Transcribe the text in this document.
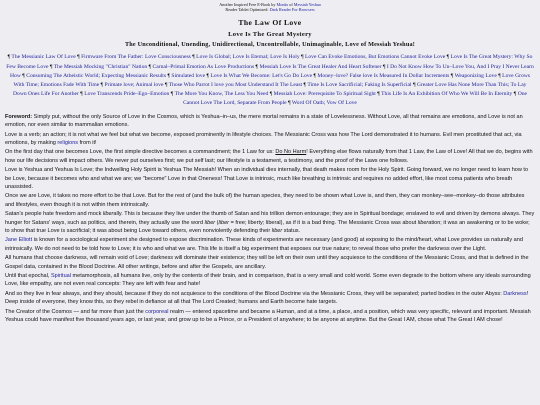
Another Inspired Free E-Book by Monks of Messiah Yeshua
Reader Tablet Optimized: Dark Reader For Browsers
The Law Of Love
Love Is The Great Mystery
The Unconditional, Unending, Unidirectional, Uncontrollable, Unimaginable, Love of Messiah Yeshua!
¶ The Messianic Law Of Love ¶ Firmware From The Father: Love Consciousness ¶ Love Is Global; Love Is Eternal; Love Is Holy ¶ Love Can Evoke Emotions, But Emotions Cannot Evoke Love ¶ Love Is The Great Mystery: Why So Few Become Love ¶ The Messiah Mocking "Christian" Nation ¶ Carnal–Primal Emotion As Love Productions ¶ Messiah Love Is The Great Healer And Heart Softener ¶ I Do Not Know How To Un–Love You, And I Pray I Never Learn How ¶ Consuming The Atheistic World; Expecting Messianic Results ¶ Simulated love ¶ Love Is What We Become: Let's Go Do Love ¶ Money–love? False love Is Measured In Dollar Increments ¶ Weaponizing Love ¶ Love Grows With Time; Emotions Fade With Time ¶ Primate love; Animal love ¶ Those Who Parrot I love you Most Understand It The Least ¶ Time Is Love Sacrificial; Faking Is Superficial ¶ Greater Love Has None More Than This; To Lay Down Ones Life For Another ¶ Love Transcends Pride–Ego–Emotion ¶ The More You Know, The Less You Need ¶ Messiah Love: Prerequisite To Spiritual Sight ¶ This Life Is An Exhibition Of Who We Will Be In Eternity ¶ One Cannot Love The Lord, Separate From People ¶ Word Of Oath; Vow Of Love

Foreword: Simply put, without the only Source of Love in the Cosmos, which is Yeshua–in–us, the mere mortal remains in a state of Lovelessness. Without Love, all that remains are emotions, and Love is not an emotion, nor even similar to mammalian emotions.

Love is a verb; an action; it is not what we feel but what we become, exposed prominently in lifestyle choices. The Messianic Cross was how The Lord demonstrated it to humans. Evil men prostituted that act, via emotions, by making religions from it!

On the first day that one becomes Love, the first simple directive becomes a commandment; the 1 Law for us: Do No Harm! Everything else flows naturally from that 1 Law, the Law of Love! All that we do, begins with how our life decisions will impact others. We never put ourselves first; we put self last; our lifestyle is a testament, a testimony, and the proof of the Laws one follows.

Love is Yeshua and Yeshua Is Love; the Indwelling Holy Spirit is Yeshua The Messiah! When an individual dies internally, that death makes room for the Holy Spirit. Going forward, we no longer need to learn how to be Love, because it becomes who and what we are; we "become" Love in that Oneness! That Love is intrinsic, much like breathing is intrinsic and requires no added effort, like most coma patients who breath unassisted.

Once we are Love, it takes no more effort to be that Love. But for the rest of (and the bulk of) the human species, they need to be shown what Love is, and then, they can monkey–see–monkey–do those attributes and lifestyles, even though it is not within them intrinsically.

Satan's people hate freedom and mock liberally. This is because they live under the thumb of Satan and his trillion demon entourage; they are in Spiritual bondage; enslaved to evil and driven by demons always. They hunger for Satans' ways, such as politics, and therein, they actually use the word liber (liber = free; liberty; liberal), as if it is a bad thing. The Messianic Cross was about liberation; it was an awakening or to be woke; to show that true Love is sacrificial; it was about being Love toward others, even nonviolently defending their liber status.

Jane Elliott is known for a sociological experiment she designed to expose discrimination. These kinds of experiments are necessary (and good) at exposing to the mind/heart, what Love provides us naturally and intrinsically. We do not need to be told how to Love; it is who and what we are. This life is itself a big experiment that exposes our true nature; to reveal those who prefer the darkness over the Light.

All humans that choose darkness, will remain void of Love; darkness will dominate their existence; they will be left on their own until they acquiesce to the conditions of the Messianic Cross, and that is defined in the Gospel data, contained in the Blood Doctrine. All other writings, before and after the Gospels, are ancillary.

Until that epochal, Spiritual metamorphosis, all humans live, only by the contents of their brain, and in comparison, that is a very small and cold world. Some even degrade to the bottom where any ideals surrounding Love, like empathy, are not even real concepts: They are left with fear and hate!

And so they live in fear always, and they should, because if they do not acquiesce to the conditions of the Blood Doctrine via the Messianic Cross, they will be separated; parted bodies in the outer Abyss: Darkness! Deep inside of everyone, they know this, so they rebel in defiance at all that The Lord Created; humans and Earth become hate targets.

The Creator of the Cosmos — and far more than just the corporeal realm — entered spacetime and became a Human, and at a time, a place, and a position, which was very specific, relevant and important. Messiah Yeshua could have manifest five thousand years ago, or last year, and grow up to be a Prince, or a President of anywhere; to be anyone at anytime. But the Great I AM, chose what The Great I AM chose!
